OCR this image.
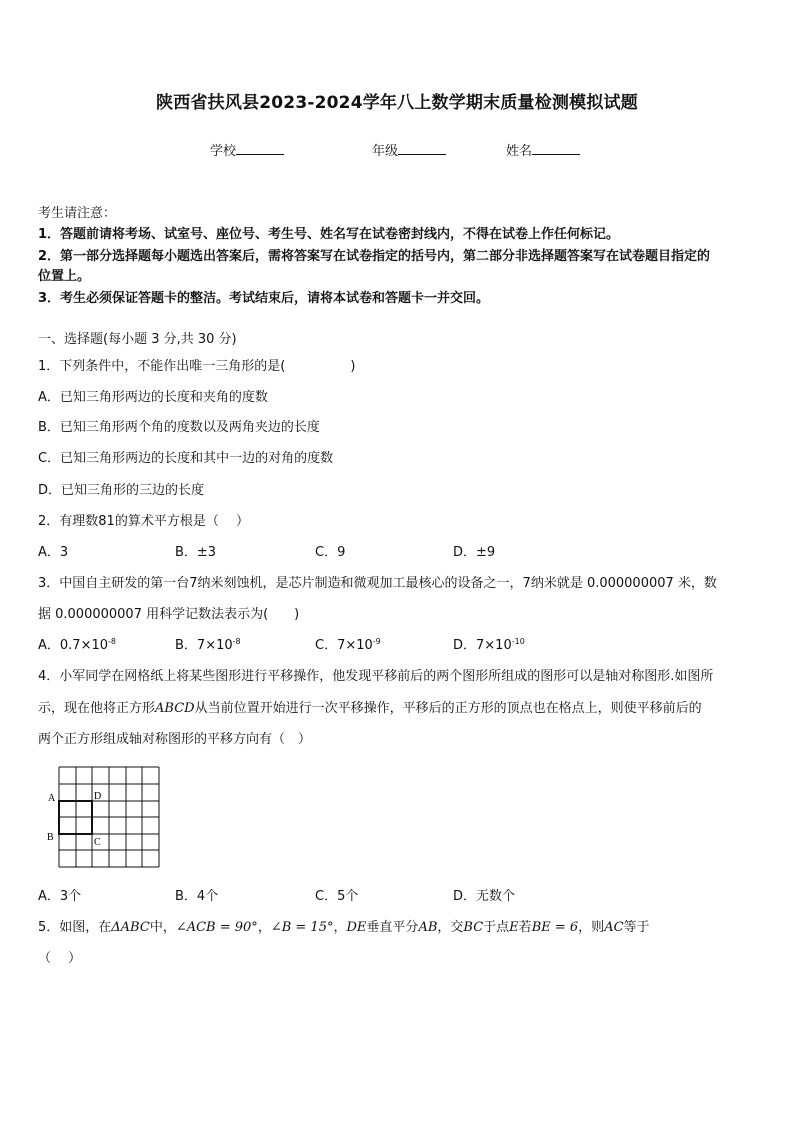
陕西省扶风县2023-2024学年八上数学期末质量检测模拟试题
学校	年级	姓名
考生请注意：
1．答题前请将考场、试室号、座位号、考生号、姓名写在试卷密封线内，不得在试卷上作任何标记。
2．第一部分选择题每小题选出答案后，需将答案写在试卷指定的括号内，第二部分非选择题答案写在试卷题目指定的
位置上。
3．考生必须保证答题卡的整洁。考试结束后，请将本试卷和答题卡一并交回。
一、选择题(每小题 3 分,共 30 分)
1．下列条件中，不能作出唯一三角形的是(　　　　　)
A．已知三角形两边的长度和夹角的度数
B．已知三角形两个角的度数以及两角夹边的长度
C．已知三角形两边的长度和其中一边的对角的度数
D．已知三角形的三边的长度
2．有理数81的算术平方根是（　 ）
A．3	B．±3	C．9	D．±9
3．中国自主研发的第一台7纳米刻蚀机，是芯片制造和微观加工最核心的设备之一，7纳米就是 0.000000007 米，数
据 0.000000007 用科学记数法表示为(　　)
A．$0.7\times 10^{-8}$	B．$7\times 10^{-8}$	C．$7\times 10^{-9}$	D．$7\times 10^{-10}$
4．小军同学在网格纸上将某些图形进行平移操作，他发现平移前后的两个图形所组成的图形可以是轴对称图形.如图所
示，现在他将正方形ABCD从当前位置开始进行一次平移操作，平移后的正方形的顶点也在格点上，则使平移前后的
两个正方形组成轴对称图形的平移方向有（　）
A	D
B	C
A．3个	B．4个	C．5个	D．无数个
5．如图，在ΔABC中，∠ACB = 90°，∠B = 15°，DE垂直平分AB，交BC于点E若BE = 6，则AC等于
（　 ）
